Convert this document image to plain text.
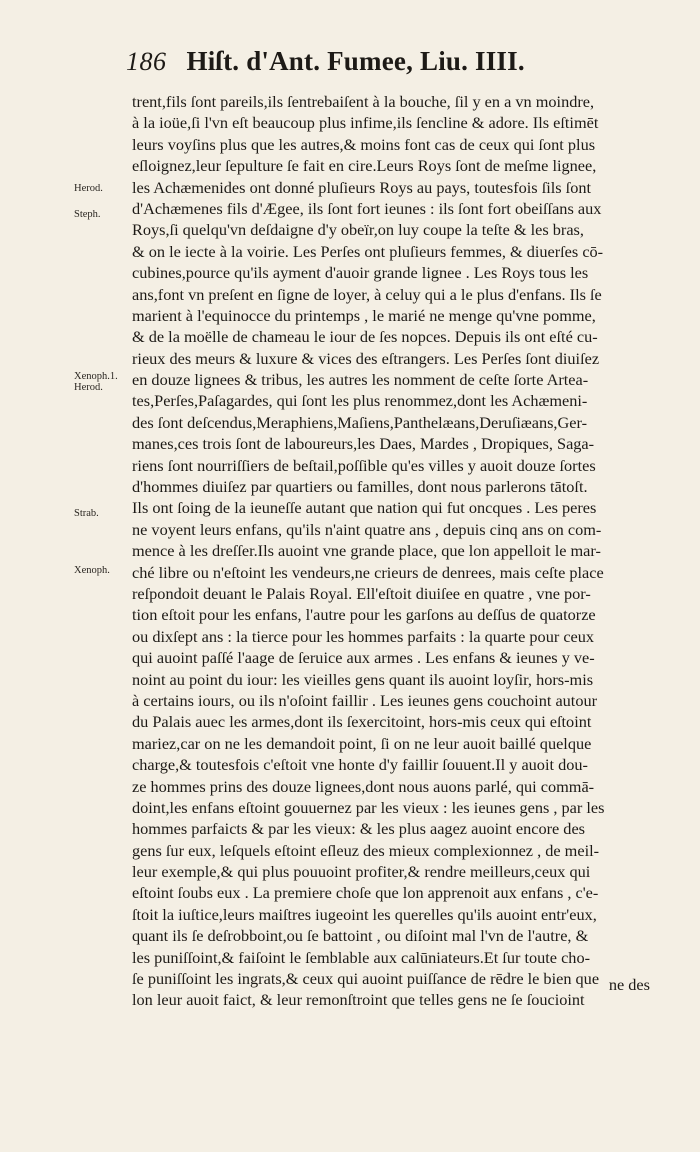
186 Hiſt. d'Ant. Fumee, Liu. IIII.
Herod.
Steph.
Xenoph.1.
Herod.
Strab.
Xenoph.
trent,fils ſont pareils,ils ſentrebaiſent à la bouche, ſil y en a vn moindre,
à la ioüe,ſi l'vn eſt beaucoup plus infime,ils ſencline & adore. Ils eſtimēt
leurs voyſins plus que les autres,& moins font cas de ceux qui ſont plus
eſloignez,leur ſepulture ſe fait en cire.Leurs Roys ſont de meſme lignee,
les Achæmenides ont donné pluſieurs Roys au pays, toutesfois ſils ſont
d'Achæmenes fils d'Ægee, ils ſont fort ieunes : ils ſont fort obeiſſans aux
Roys,ſi quelqu'vn deſdaigne d'y obeïr,on luy coupe la teſte & les bras,
& on le iecte à la voirie. Les Perſes ont pluſieurs femmes, & diuerſes cō-
cubines,pource qu'ils ayment d'auoir grande lignee . Les Roys tous les
ans,font vn preſent en ſigne de loyer, à celuy qui a le plus d'enfans. Ils ſe
marient à l'equinocce du printemps , le marié ne menge qu'vne pomme,
& de la moëlle de chameau le iour de ſes nopces. Depuis ils ont eſté cu-
rieux des meurs & luxure & vices des eſtrangers. Les Perſes ſont diuiſez
en douze lignees & tribus, les autres les nomment de ceſte ſorte Artea-
tes,Perſes,Paſagardes, qui ſont les plus renommez,dont les Achæmeni-
des ſont deſcendus,Meraphiens,Maſiens,Panthelæans,Deruſiæans,Ger-
manes,ces trois ſont de laboureurs,les Daes, Mardes , Dropiques, Saga-
riens ſont nourriſſiers de beſtail,poſſible qu'es villes y auoit douze ſortes
d'hommes diuiſez par quartiers ou familles, dont nous parlerons tātoſt.
Ils ont ſoing de la ieuneſſe autant que nation qui fut oncques . Les peres
ne voyent leurs enfans, qu'ils n'aint quatre ans , depuis cinq ans on com-
mence à les dreſſer.Ils auoint vne grande place, que lon appelloit le mar-
ché libre ou n'eſtoint les vendeurs,ne crieurs de denrees, mais ceſte place
reſpondoit deuant le Palais Royal. Ell'eſtoit diuiſee en quatre , vne por-
tion eſtoit pour les enfans, l'autre pour les garſons au deſſus de quatorze
ou dixſept ans : la tierce pour les hommes parfaits : la quarte pour ceux
qui auoint paſſé l'aage de ſeruice aux armes . Les enfans & ieunes y ve-
noint au point du iour: les vieilles gens quant ils auoint loyſir, hors-mis
à certains iours, ou ils n'oſoint faillir . Les ieunes gens couchoint autour
du Palais auec les armes,dont ils ſexercitoint, hors-mis ceux qui eſtoint
mariez,car on ne les demandoit point, ſi on ne leur auoit baillé quelque
charge,& toutesfois c'eſtoit vne honte d'y faillir ſouuent.Il y auoit dou-
ze hommes prins des douze lignees,dont nous auons parlé, qui commā-
doint,les enfans eſtoint gouuernez par les vieux : les ieunes gens , par les
hommes parfaicts & par les vieux: & les plus aagez auoint encore des
gens ſur eux, leſquels eſtoint eſleuz des mieux complexionnez , de meil-
leur exemple,& qui plus pouuoint profiter,& rendre meilleurs,ceux qui
eſtoint ſoubs eux . La premiere choſe que lon apprenoit aux enfans , c'e-
ſtoit la iuſtice,leurs maiſtres iugeoint les querelles qu'ils auoint entr'eux,
quant ils ſe deſrobboint,ou ſe battoint , ou diſoint mal l'vn de l'autre, &
les puniſſoint,& faiſoint le ſemblable aux calūniateurs.Et ſur toute cho-
ſe puniſſoint les ingrats,& ceux qui auoint puiſſance de rēdre le bien que
lon leur auoit faict, & leur remonſtroint que telles gens ne ſe ſoucioint
ne des
